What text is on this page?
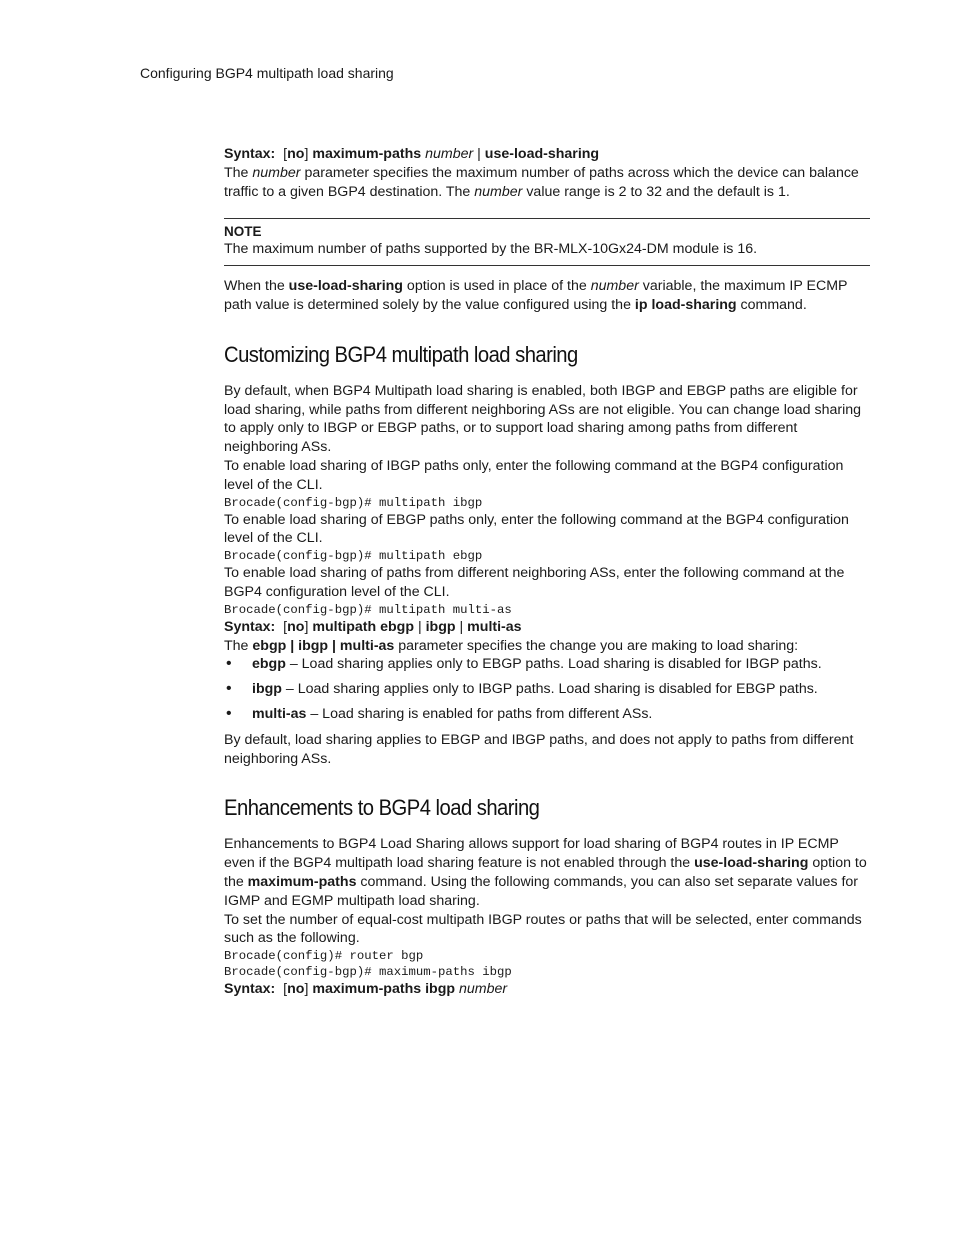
Configuring BGP4 multipath load sharing

Syntax: [no] maximum-paths number | use-load-sharing

The number parameter specifies the maximum number of paths across which the device can balance traffic to a given BGP4 destination. The number value range is 2 to 32 and the default is 1.

NOTE
The maximum number of paths supported by the BR-MLX-10Gx24-DM module is 16.

When the use-load-sharing option is used in place of the number variable, the maximum IP ECMP path value is determined solely by the value configured using the ip load-sharing command.

Customizing BGP4 multipath load sharing

By default, when BGP4 Multipath load sharing is enabled, both IBGP and EBGP paths are eligible for load sharing, while paths from different neighboring ASs are not eligible. You can change load sharing to apply only to IBGP or EBGP paths, or to support load sharing among paths from different neighboring ASs.

To enable load sharing of IBGP paths only, enter the following command at the BGP4 configuration level of the CLI.

Brocade(config-bgp)# multipath ibgp

To enable load sharing of EBGP paths only, enter the following command at the BGP4 configuration level of the CLI.

Brocade(config-bgp)# multipath ebgp

To enable load sharing of paths from different neighboring ASs, enter the following command at the BGP4 configuration level of the CLI.

Brocade(config-bgp)# multipath multi-as

Syntax: [no] multipath ebgp | ibgp | multi-as

The ebgp | ibgp | multi-as parameter specifies the change you are making to load sharing:

• ebgp – Load sharing applies only to EBGP paths. Load sharing is disabled for IBGP paths.
• ibgp – Load sharing applies only to IBGP paths. Load sharing is disabled for EBGP paths.
• multi-as – Load sharing is enabled for paths from different ASs.

By default, load sharing applies to EBGP and IBGP paths, and does not apply to paths from different neighboring ASs.

Enhancements to BGP4 load sharing

Enhancements to BGP4 Load Sharing allows support for load sharing of BGP4 routes in IP ECMP even if the BGP4 multipath load sharing feature is not enabled through the use-load-sharing option to the maximum-paths command. Using the following commands, you can also set separate values for IGMP and EGMP multipath load sharing.

To set the number of equal-cost multipath IBGP routes or paths that will be selected, enter commands such as the following.

Brocade(config)# router bgp

Brocade(config-bgp)# maximum-paths ibgp

Syntax: [no] maximum-paths ibgp number
